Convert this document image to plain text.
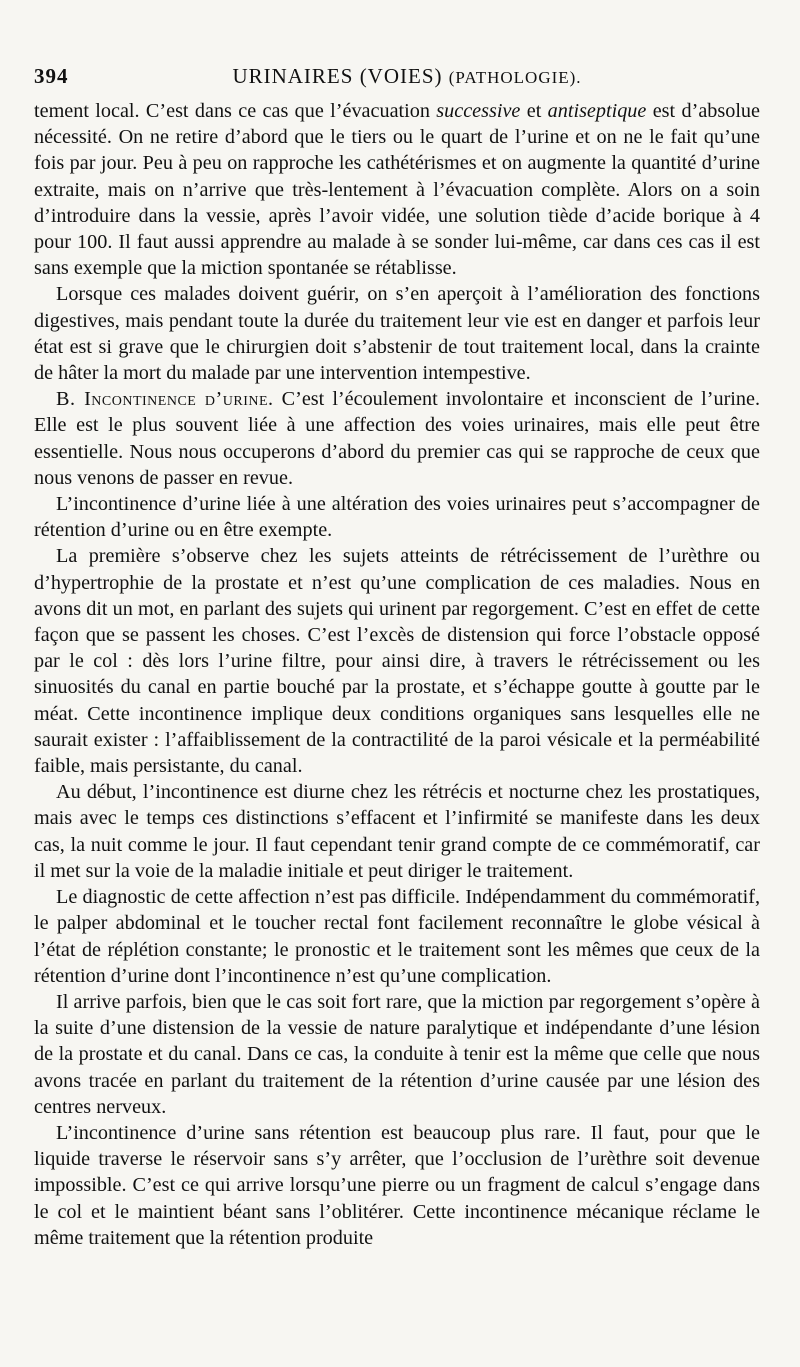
394	URINAIRES (VOIES) (PATHOLOGIE).

tement local. C’est dans ce cas que l’évacuation successive et antiseptique est d’absolue nécessité. On ne retire d’abord que le tiers ou le quart de l’urine et on ne le fait qu’une fois par jour. Peu à peu on rapproche les cathétérismes et on augmente la quantité d’urine extraite, mais on n’arrive que très-lentement à l’évacuation complète. Alors on a soin d’introduire dans la vessie, après l’avoir vidée, une solution tiède d’acide borique à 4 pour 100. Il faut aussi apprendre au malade à se sonder lui-même, car dans ces cas il est sans exemple que la miction spontanée se rétablisse.

Lorsque ces malades doivent guérir, on s’en aperçoit à l’amélioration des fonctions digestives, mais pendant toute la durée du traitement leur vie est en danger et parfois leur état est si grave que le chirurgien doit s’abstenir de tout traitement local, dans la crainte de hâter la mort du malade par une intervention intempestive.

B. Incontinence d’urine. C’est l’écoulement involontaire et inconscient de l’urine. Elle est le plus souvent liée à une affection des voies urinaires, mais elle peut être essentielle. Nous nous occuperons d’abord du premier cas qui se rapproche de ceux que nous venons de passer en revue.

L’incontinence d’urine liée à une altération des voies urinaires peut s’accompagner de rétention d’urine ou en être exempte.

La première s’observe chez les sujets atteints de rétrécissement de l’urèthre ou d’hypertrophie de la prostate et n’est qu’une complication de ces maladies. Nous en avons dit un mot, en parlant des sujets qui urinent par regorgement. C’est en effet de cette façon que se passent les choses. C’est l’excès de distension qui force l’obstacle opposé par le col : dès lors l’urine filtre, pour ainsi dire, à travers le rétrécissement ou les sinuosités du canal en partie bouché par la prostate, et s’échappe goutte à goutte par le méat. Cette incontinence implique deux conditions organiques sans lesquelles elle ne saurait exister : l’affaiblissement de la contractilité de la paroi vésicale et la perméabilité faible, mais persistante, du canal.

Au début, l’incontinence est diurne chez les rétrécis et nocturne chez les prostatiques, mais avec le temps ces distinctions s’effacent et l’infirmité se manifeste dans les deux cas, la nuit comme le jour. Il faut cependant tenir grand compte de ce commémoratif, car il met sur la voie de la maladie initiale et peut diriger le traitement.

Le diagnostic de cette affection n’est pas difficile. Indépendamment du commémoratif, le palper abdominal et le toucher rectal font facilement reconnaître le globe vésical à l’état de réplétion constante; le pronostic et le traitement sont les mêmes que ceux de la rétention d’urine dont l’incontinence n’est qu’une complication.

Il arrive parfois, bien que le cas soit fort rare, que la miction par regorgement s’opère à la suite d’une distension de la vessie de nature paralytique et indépendante d’une lésion de la prostate et du canal. Dans ce cas, la conduite à tenir est la même que celle que nous avons tracée en parlant du traitement de la rétention d’urine causée par une lésion des centres nerveux.

L’incontinence d’urine sans rétention est beaucoup plus rare. Il faut, pour que le liquide traverse le réservoir sans s’y arrêter, que l’occlusion de l’urèthre soit devenue impossible. C’est ce qui arrive lorsqu’une pierre ou un fragment de calcul s’engage dans le col et le maintient béant sans l’oblitérer. Cette incontinence mécanique réclame le même traitement que la rétention produite
